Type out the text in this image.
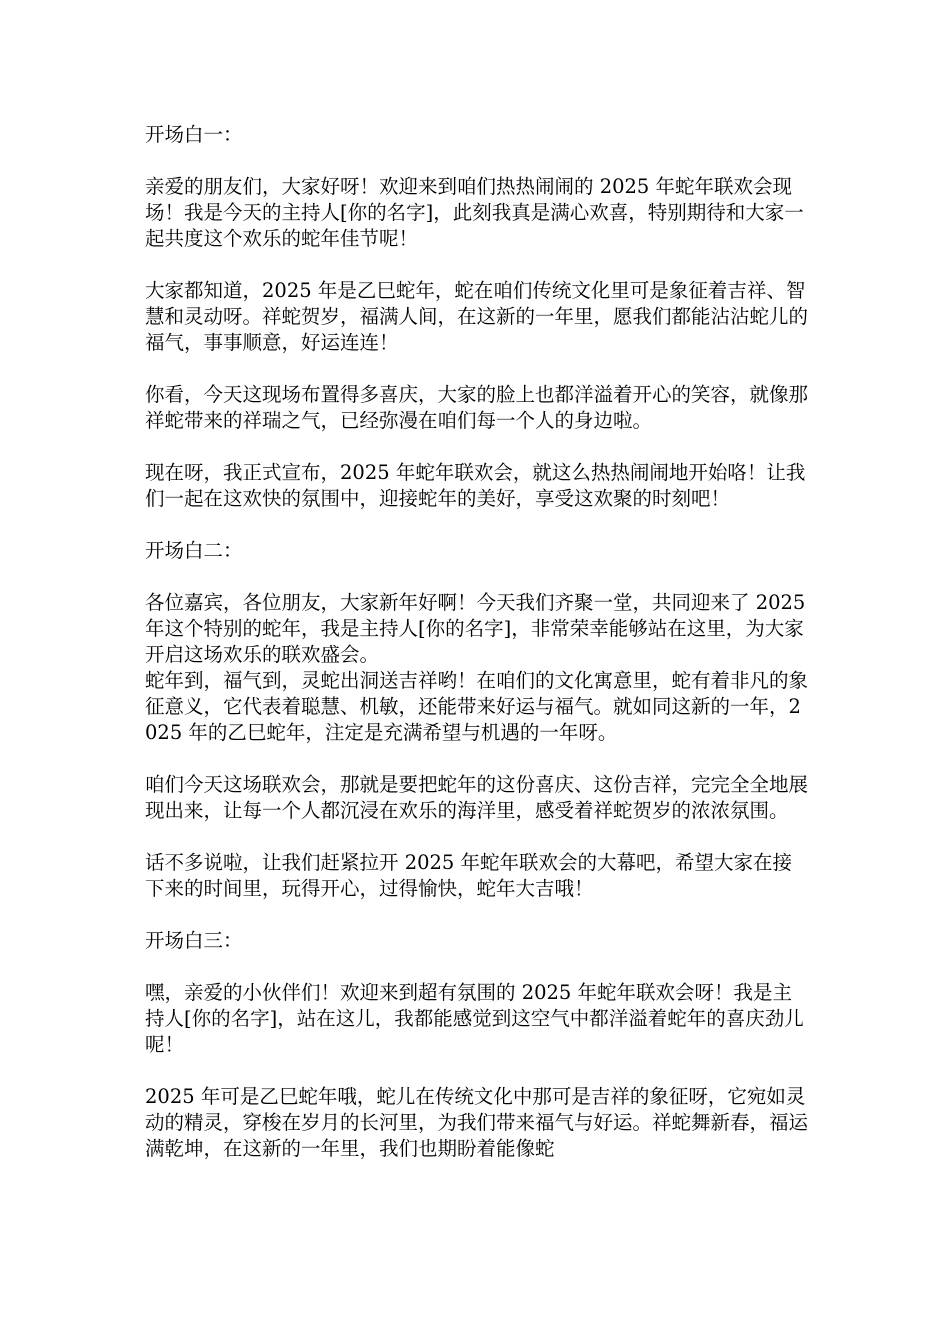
开场白一：

亲爱的朋友们，大家好呀！欢迎来到咱们热热闹闹的 2025 年蛇年联欢会现场！我是今天的主持人[你的名字]，此刻我真是满心欢喜，特别期待和大家一起共度这个欢乐的蛇年佳节呢！

大家都知道，2025 年是乙巳蛇年，蛇在咱们传统文化里可是象征着吉祥、智慧和灵动呀。祥蛇贺岁，福满人间，在这新的一年里，愿我们都能沾沾蛇儿的福气，事事顺意，好运连连！

你看，今天这现场布置得多喜庆，大家的脸上也都洋溢着开心的笑容，就像那祥蛇带来的祥瑞之气，已经弥漫在咱们每一个人的身边啦。

现在呀，我正式宣布，2025 年蛇年联欢会，就这么热热闹闹地开始咯！让我们一起在这欢快的氛围中，迎接蛇年的美好，享受这欢聚的时刻吧！

开场白二：

各位嘉宾，各位朋友，大家新年好啊！今天我们齐聚一堂，共同迎来了 2025 年这个特别的蛇年，我是主持人[你的名字]，非常荣幸能够站在这里，为大家开启这场欢乐的联欢盛会。

蛇年到，福气到，灵蛇出洞送吉祥哟！在咱们的文化寓意里，蛇有着非凡的象征意义，它代表着聪慧、机敏，还能带来好运与福气。就如同这新的一年，2025 年的乙巳蛇年，注定是充满希望与机遇的一年呀。

咱们今天这场联欢会，那就是要把蛇年的这份喜庆、这份吉祥，完完全全地展现出来，让每一个人都沉浸在欢乐的海洋里，感受着祥蛇贺岁的浓浓氛围。

话不多说啦，让我们赶紧拉开 2025 年蛇年联欢会的大幕吧，希望大家在接下来的时间里，玩得开心，过得愉快，蛇年大吉哦！

开场白三：

嘿，亲爱的小伙伴们！欢迎来到超有氛围的 2025 年蛇年联欢会呀！我是主持人[你的名字]，站在这儿，我都能感觉到这空气中都洋溢着蛇年的喜庆劲儿呢！

2025 年可是乙巳蛇年哦，蛇儿在传统文化中那可是吉祥的象征呀，它宛如灵动的精灵，穿梭在岁月的长河里，为我们带来福气与好运。祥蛇舞新春，福运满乾坤，在这新的一年里，我们也期盼着能像蛇
